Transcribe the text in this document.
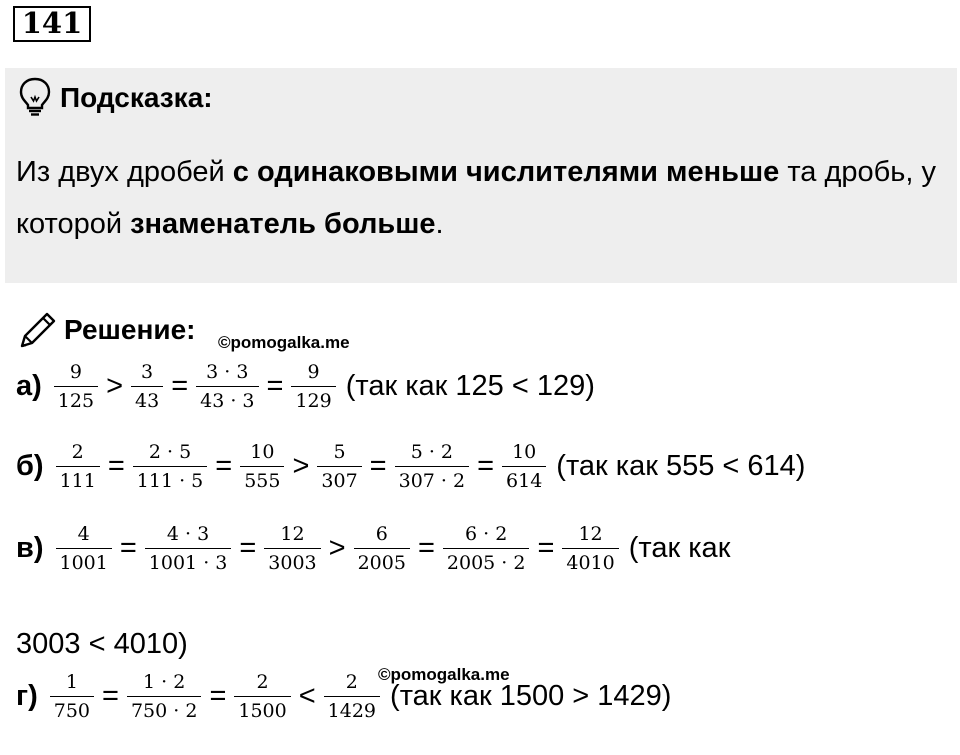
141
Подсказка:
Из двух дробей с одинаковыми числителями меньше та дробь, у которой знаменатель больше.
Решение: ©pomogalka.me
$а) \frac{9}{125} > \frac{3}{43} = \frac{3 \cdot 3}{43 \cdot 3} = \frac{9}{129} (так$ как 125 < 129)
$б) \frac{2}{111} = \frac{2 \cdot 5}{111 \cdot 5} = \frac{10}{555} > \frac{5}{307} = \frac{5 \cdot 2}{307 \cdot 2} = \frac{10}{614} (так$ как 555 < 614)
$в) \frac{4}{1001} = \frac{4 \cdot 3}{1001 \cdot 3} = \frac{12}{3003} > \frac{6}{2005} = \frac{6 \cdot 2}{2005 \cdot 2} = \frac{12}{4010} (так$ как
$г) \frac{1}{750} = \frac{1 \cdot 2}{750 \cdot 2} = \frac{2}{1500} < \frac{2}{1429} (так$ как 1500 > 1429)
3003 < 4010)
©pomogalka.me
